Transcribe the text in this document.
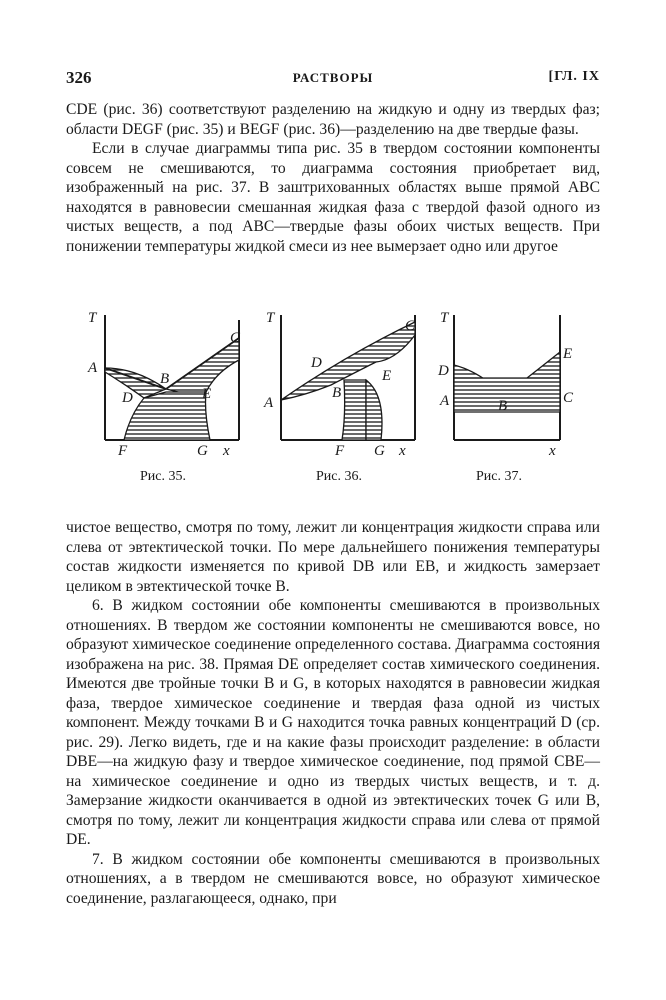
326	РАСТВОРЫ	[ГЛ. IX

CDE (рис. 36) соответствуют разделению на жидкую и одну из твердых фаз; области DEGF (рис. 35) и BEGF (рис. 36)—разделению на две твердые фазы.

Если в случае диаграммы типа рис. 35 в твердом состоянии компоненты совсем не смешиваются, то диаграмма состояния приобретает вид, изображенный на рис. 37. В заштрихованных областях выше прямой ABC находятся в равновесии смешанная жидкая фаза с твердой фазой одного из чистых веществ, а под ABC—твердые фазы обоих чистых веществ. При понижении температуры жидкой смеси из нее вымерзает одно или другое

T
A
B
C
D	E
F	G x
T
A
B
C
D
E
F G x
T
A	B	C
D
E
x
Рис. 35.	Рис. 36.	Рис. 37.

чистое вещество, смотря по тому, лежит ли концентрация жидкости справа или слева от эвтектической точки. По мере дальнейшего понижения температуры состав жидкости изменяется по кривой DB или EB, и жидкость замерзает целиком в эвтектической точке B.

6. В жидком состоянии обе компоненты смешиваются в произвольных отношениях. В твердом же состоянии компоненты не смешиваются вовсе, но образуют химическое соединение определенного состава. Диаграмма состояния изображена на рис. 38. Прямая DE определяет состав химического соединения. Имеются две тройные точки B и G, в которых находятся в равновесии жидкая фаза, твердое химическое соединение и твердая фаза одной из чистых компонент. Между точками B и G находится точка равных концентраций D (ср. рис. 29). Легко видеть, где и на какие фазы происходит разделение: в области DBE—на жидкую фазу и твердое химическое соединение, под прямой CBE—на химическое соединение и одно из твердых чистых веществ, и т. д. Замерзание жидкости оканчивается в одной из эвтектических точек G или B, смотря по тому, лежит ли концентрация жидкости справа или слева от прямой DE.

7. В жидком состоянии обе компоненты смешиваются в произвольных отношениях, а в твердом не смешиваются вовсе, но образуют химическое соединение, разлагающееся, однако, при
